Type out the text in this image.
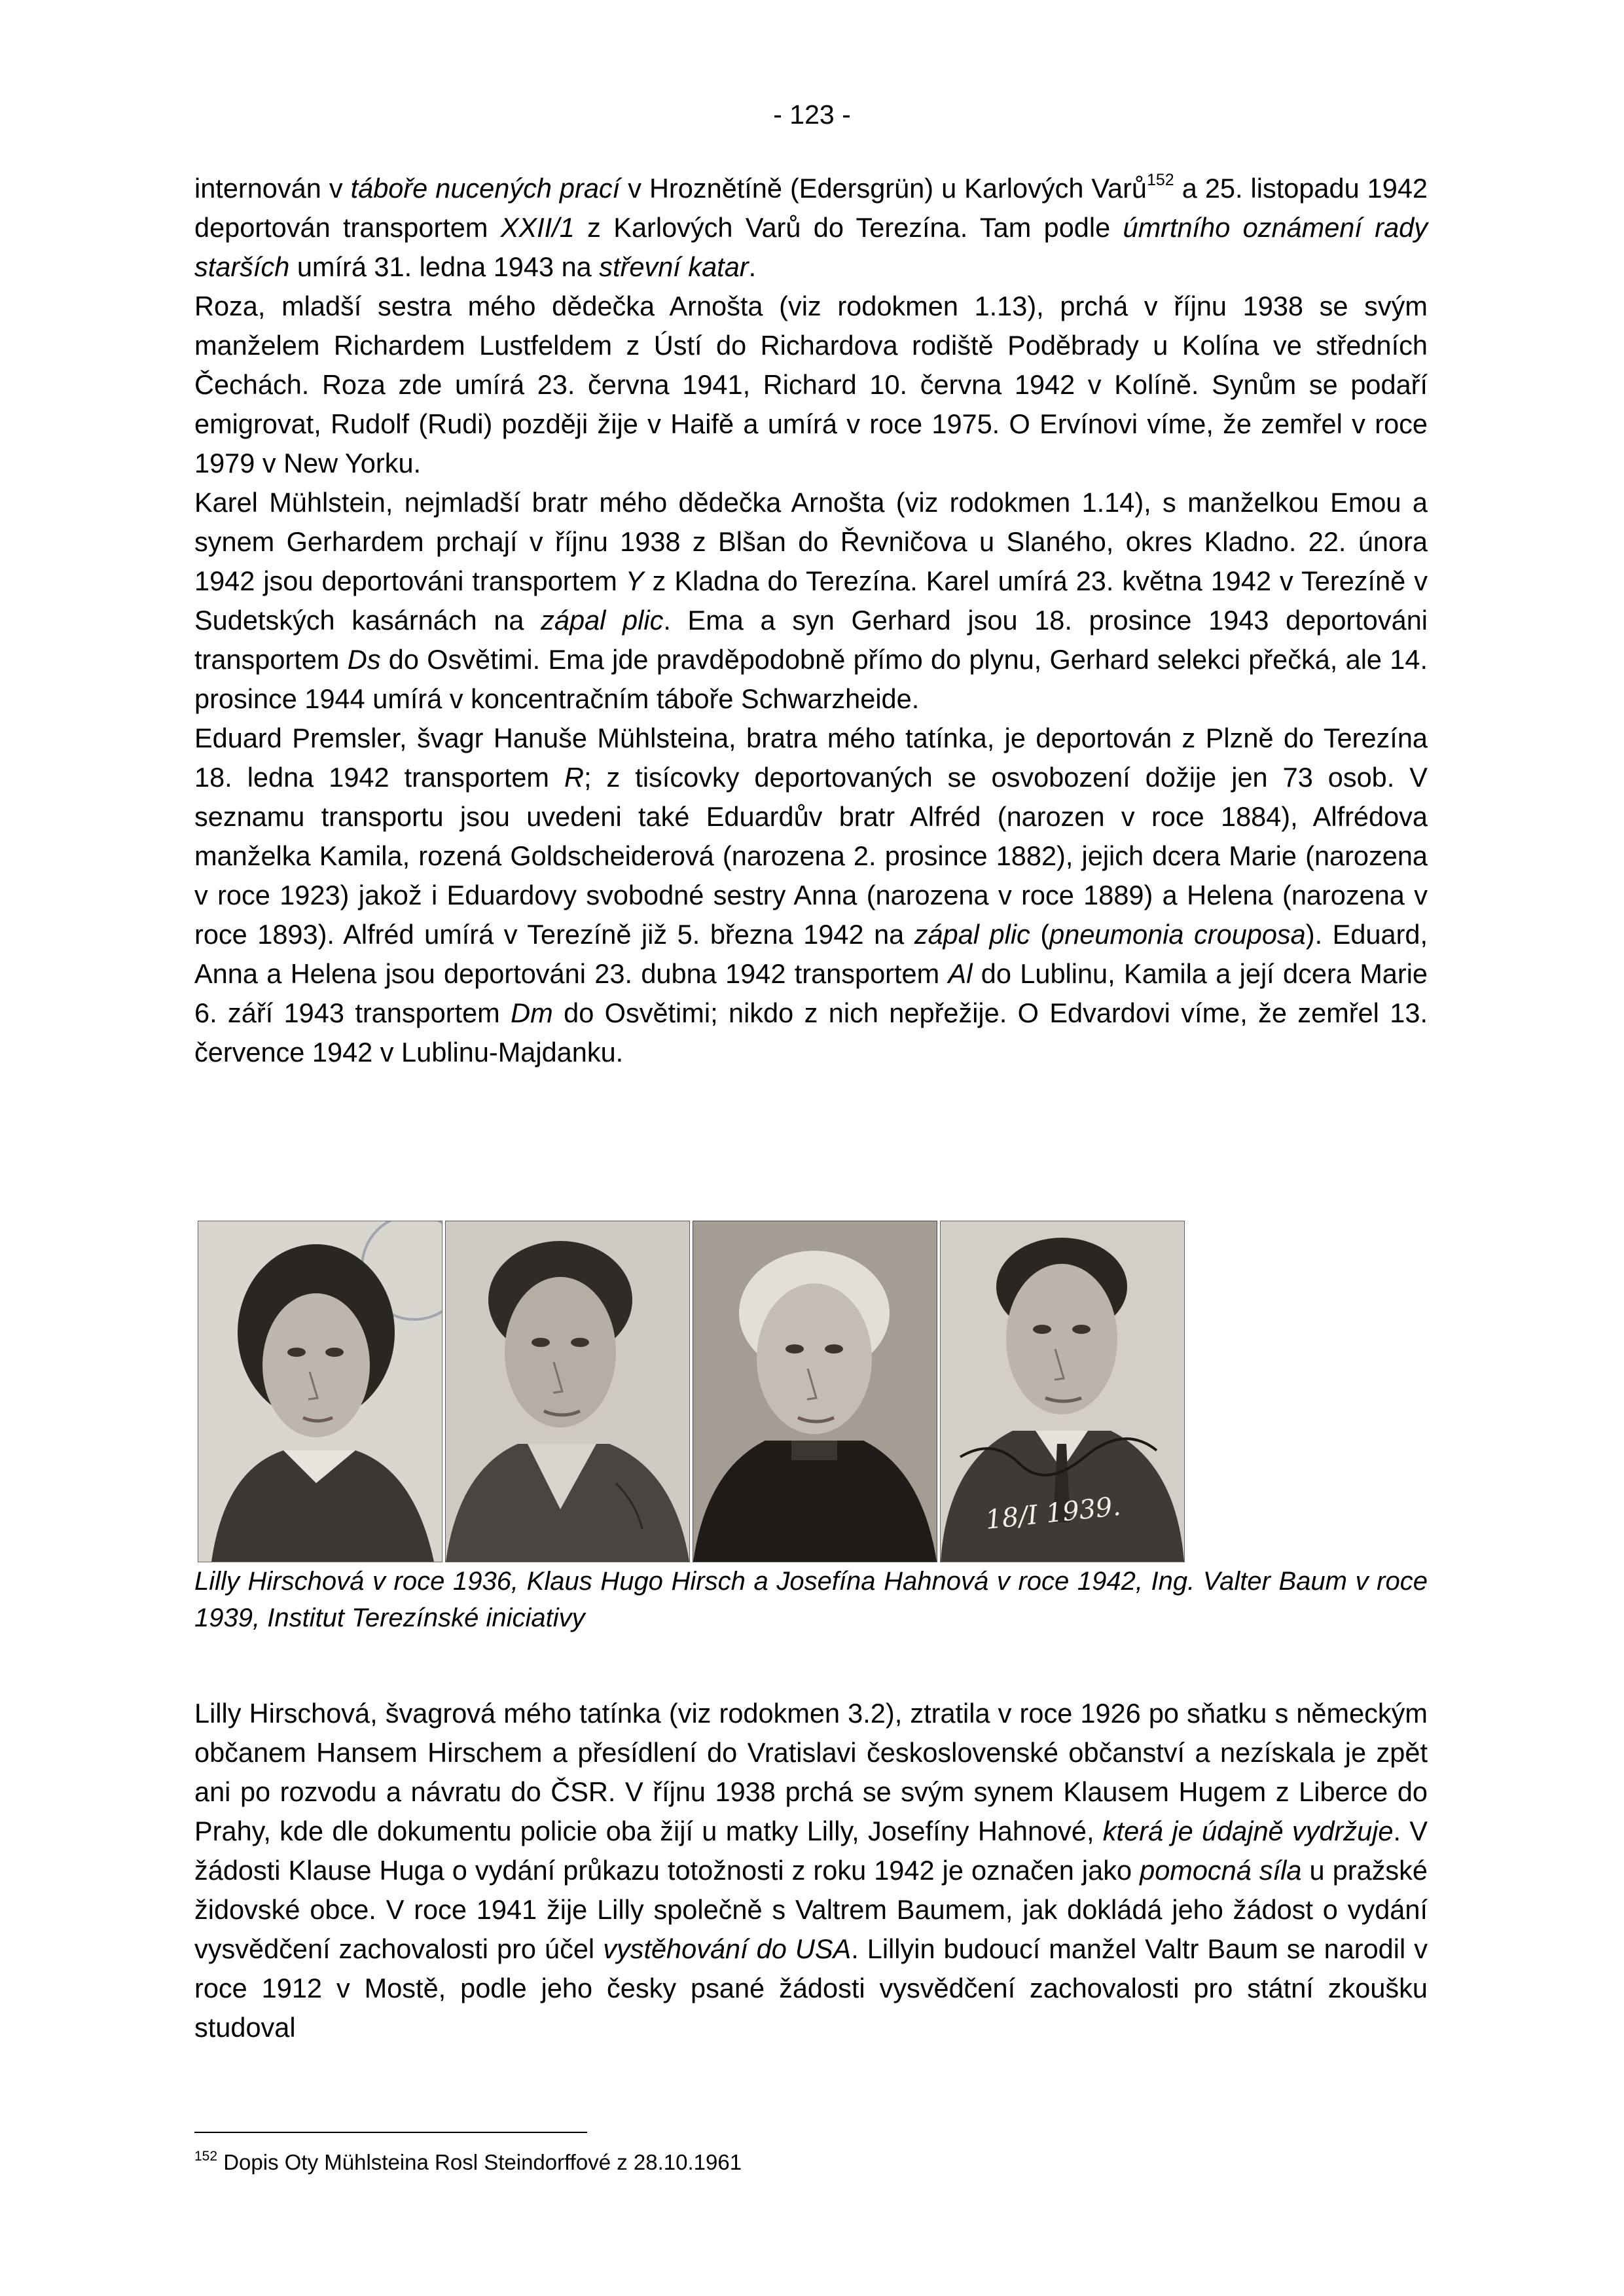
- 123 -

internován v táboře nucených prací v Hroznětíně (Edersgrün) u Karlových Varů$^{152}$ a 25. listopadu 1942 deportován transportem XXII/1 z Karlových Varů do Terezína. Tam podle úmrtního oznámení rady starších umírá 31. ledna 1943 na střevní katar.

Roza, mladší sestra mého dědečka Arnošta (viz rodokmen 1.13), prchá v říjnu 1938 se svým manželem Richardem Lustfeldem z Ústí do Richardova rodiště Poděbrady u Kolína ve středních Čechách. Roza zde umírá 23. června 1941, Richard 10. června 1942 v Kolíně. Synům se podaří emigrovat, Rudolf (Rudi) později žije v Haifě a umírá v roce 1975. O Ervínovi víme, že zemřel v roce 1979 v New Yorku.

Karel Mühlstein, nejmladší bratr mého dědečka Arnošta (viz rodokmen 1.14), s manželkou Emou a synem Gerhardem prchají v říjnu 1938 z Blšan do Řevničova u Slaného, okres Kladno. 22. února 1942 jsou deportováni transportem Y z Kladna do Terezína. Karel umírá 23. května 1942 v Terezíně v Sudetských kasárnách na zápal plic. Ema a syn Gerhard jsou 18. prosince 1943 deportováni transportem Ds do Osvětimi. Ema jde pravděpodobně přímo do plynu, Gerhard selekci přečká, ale 14. prosince 1944 umírá v koncentračním táboře Schwarzheide.

Eduard Premsler, švagr Hanuše Mühlsteina, bratra mého tatínka, je deportován z Plzně do Terezína 18. ledna 1942 transportem R; z tisícovky deportovaných se osvobození dožije jen 73 osob. V seznamu transportu jsou uvedeni také Eduardův bratr Alfréd (narozen v roce 1884), Alfrédova manželka Kamila, rozená Goldscheiderová (narozena 2. prosince 1882), jejich dcera Marie (narozena v roce 1923) jakož i Eduardovy svobodné sestry Anna (narozena v roce 1889) a Helena (narozena v roce 1893). Alfréd umírá v Terezíně již 5. března 1942 na zápal plic (pneumonia crouposa). Eduard, Anna a Helena jsou deportováni 23. dubna 1942 transportem Al do Lublinu, Kamila a její dcera Marie 6. září 1943 transportem Dm do Osvětimi; nikdo z nich nepřežije. O Edvardovi víme, že zemřel 13. července 1942 v Lublinu-Majdanku.

18/I 1939.

Lilly Hirschová v roce 1936, Klaus Hugo Hirsch a Josefína Hahnová v roce 1942, Ing. Valter Baum v roce 1939, Institut Terezínské iniciativy

Lilly Hirschová, švagrová mého tatínka (viz rodokmen 3.2), ztratila v roce 1926 po sňatku s německým občanem Hansem Hirschem a přesídlení do Vratislavi československé občanství a nezískala je zpět ani po rozvodu a návratu do ČSR. V říjnu 1938 prchá se svým synem Klausem Hugem z Liberce do Prahy, kde dle dokumentu policie oba žijí u matky Lilly, Josefíny Hahnové, která je údajně vydržuje. V žádosti Klause Huga o vydání průkazu totožnosti z roku 1942 je označen jako pomocná síla u pražské židovské obce. V roce 1941 žije Lilly společně s Valtrem Baumem, jak dokládá jeho žádost o vydání vysvědčení zachovalosti pro účel vystěhování do USA. Lillyin budoucí manžel Valtr Baum se narodil v roce 1912 v Mostě, podle jeho česky psané žádosti vysvědčení zachovalosti pro státní zkoušku studoval

$^{152}$ Dopis Oty Mühlsteina Rosl Steindorffové z 28.10.1961
